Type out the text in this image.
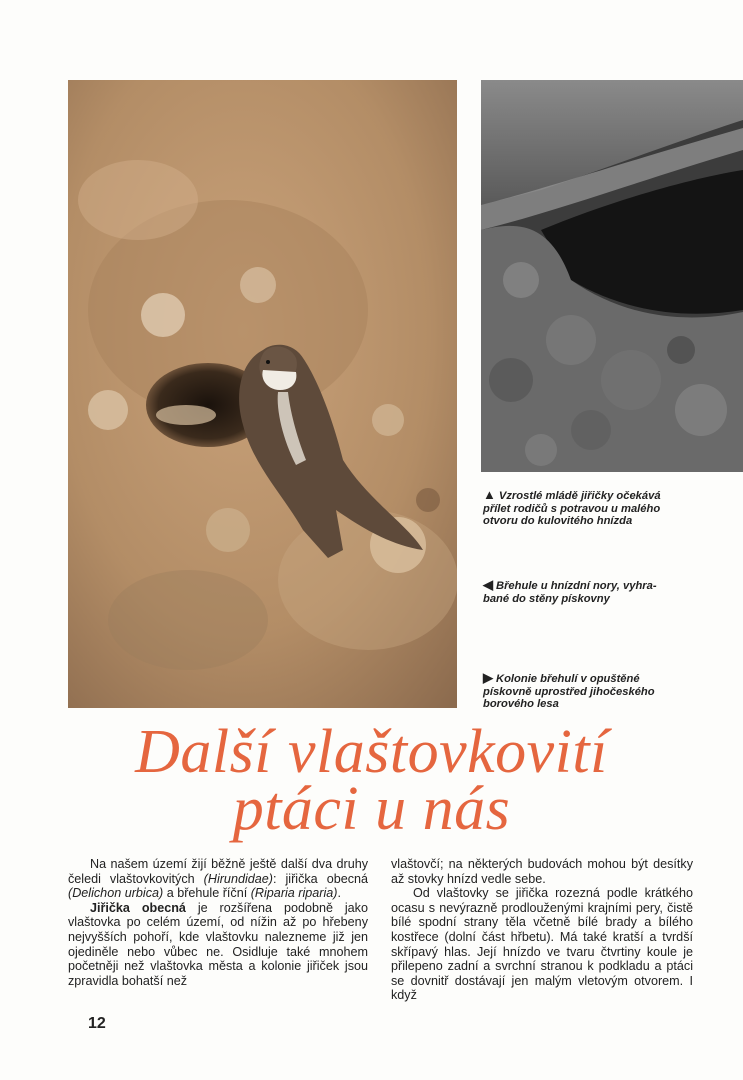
▲ Vzrostlé mládě jiřičky očekává
přílet rodičů s potravou u malého
otvoru do kulovitého hnízda
◀ Břehule u hnízdní nory, vyhra-
bané do stěny pískovny
▶ Kolonie břehulí v opuštěné
pískovně uprostřed jihočeského
borového lesa
Další vlaštovkovití
ptáci u nás

Na našem území žijí běžně ještě další dva druhy čeledi vlaštovkovitých (Hirundidae): jiřička obecná (Delichon urbica) a břehule říční (Riparia riparia).

Jiřička obecná je rozšířena podobně jako vlaštovka po celém území, od nížin až po hřebeny nejvyšších pohoří, kde vlaštovku nalezneme již jen ojediněle nebo vůbec ne. Osidluje také mnohem početněji než vlaštovka města a kolonie jiřiček jsou zpravidla bohatší než

vlaštovčí; na některých budovách mohou být desítky až stovky hnízd vedle sebe.

Od vlaštovky se jiřička rozezná podle krátkého ocasu s nevýrazně prodlouženými krajními pery, čistě bílé spodní strany těla včetně bílé brady a bílého kostřece (dolní část hřbetu). Má také kratší a tvrdší skřípavý hlas. Její hnízdo ve tvaru čtvrtiny koule je přilepeno zadní a svrchní stranou k podkladu a ptáci se dovnitř dostávají jen malým vletovým otvorem. I když

12
